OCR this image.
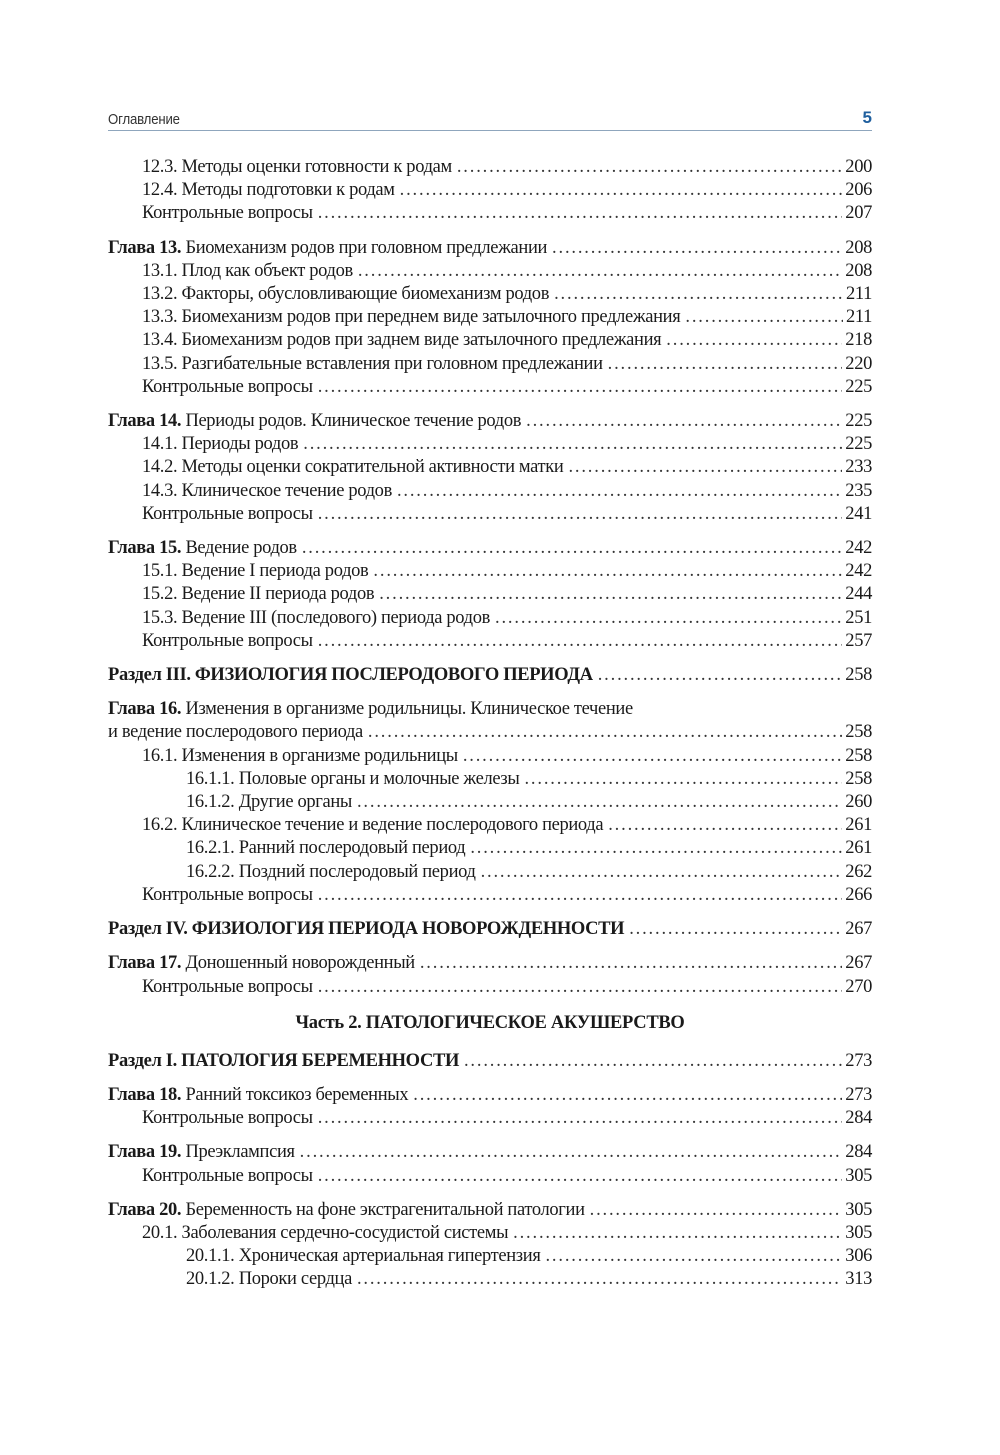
Оглавление	5
12.3. Методы оценки готовности к родам . . .	200
12.4. Методы подготовки к родам . . .	206
Контрольные вопросы . . .	207
Глава 13. Биомеханизм родов при головном предлежании . . .	208
13.1. Плод как объект родов . . .	208
13.2. Факторы, обусловливающие биомеханизм родов . . .	211
13.3. Биомеханизм родов при переднем виде затылочного предлежания . . .	211
13.4. Биомеханизм родов при заднем виде затылочного предлежания . . .	218
13.5. Разгибательные вставления при головном предлежании . . .	220
Контрольные вопросы . . .	225
Глава 14. Периоды родов. Клиническое течение родов . . .	225
14.1. Периоды родов . . .	225
14.2. Методы оценки сократительной активности матки . . .	233
14.3. Клиническое течение родов . . .	235
Контрольные вопросы . . .	241
Глава 15. Ведение родов . . .	242
15.1. Ведение I периода родов . . .	242
15.2. Ведение II периода родов . . .	244
15.3. Ведение III (последового) периода родов . . .	251
Контрольные вопросы . . .	257
Раздел III. ФИЗИОЛОГИЯ ПОСЛЕРОДОВОГО ПЕРИОДА . . .	258
Глава 16. Изменения в организме родильницы. Клиническое течение
и ведение послеродового периода . . .	258
16.1. Изменения в организме родильницы . . .	258
16.1.1. Половые органы и молочные железы . . .	258
16.1.2. Другие органы . . .	260
16.2. Клиническое течение и ведение послеродового периода . . .	261
16.2.1. Ранний послеродовый период . . .	261
16.2.2. Поздний послеродовый период . . .	262
Контрольные вопросы . . .	266
Раздел IV. ФИЗИОЛОГИЯ ПЕРИОДА НОВОРОЖДЕННОСТИ . . .	267
Глава 17. Доношенный новорожденный . . .	267
Контрольные вопросы . . .	270
Часть 2. ПАТОЛОГИЧЕСКОЕ АКУШЕРСТВО
Раздел I. ПАТОЛОГИЯ БЕРЕМЕННОСТИ . . .	273
Глава 18. Ранний токсикоз беременных . . .	273
Контрольные вопросы . . .	284
Глава 19. Преэклампсия . . .	284
Контрольные вопросы . . .	305
Глава 20. Беременность на фоне экстрагенитальной патологии . . .	305
20.1. Заболевания сердечно-сосудистой системы . . .	305
20.1.1. Хроническая артериальная гипертензия . . .	306
20.1.2. Пороки сердца . . .	313
